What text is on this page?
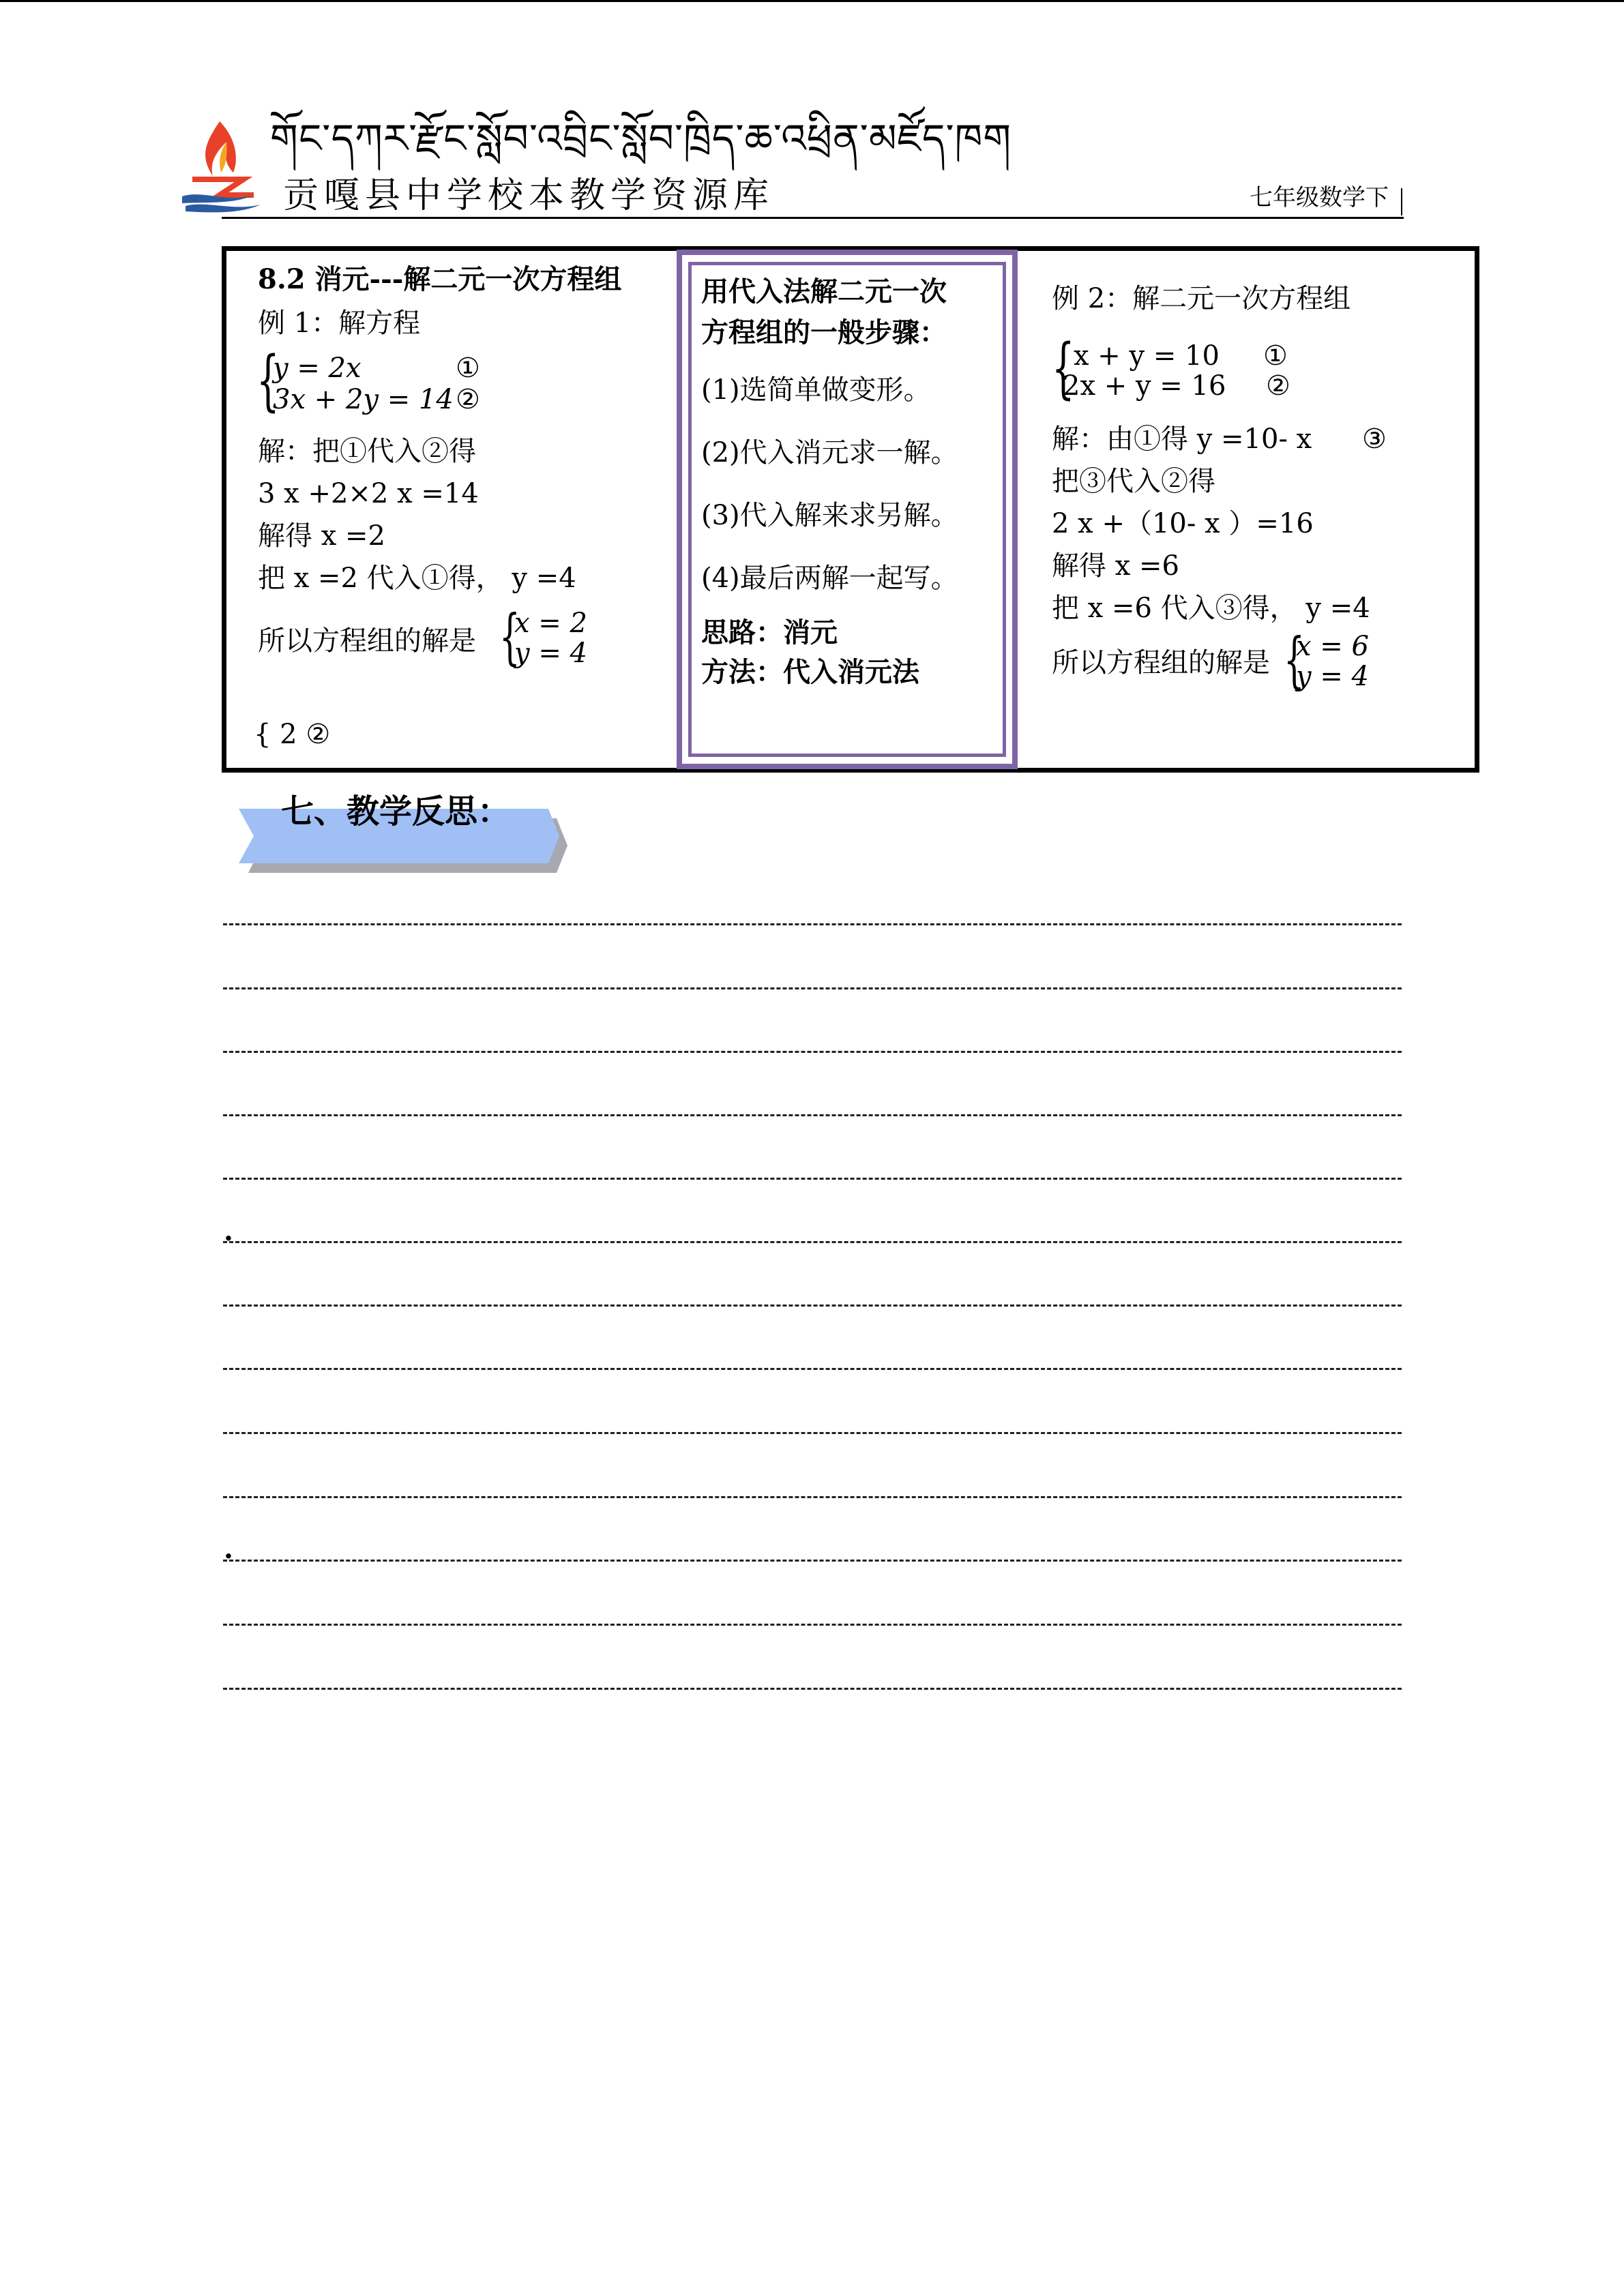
གོང་དཀར་རྫོང་སློབ་འབྲིང་སློབ་ཁྲིད་ཆ་འཕྲིན་མཛོད་ཁག
贡嘎县中学校本教学资源库	七年级数学下
8.2 消元---解二元一次方程组
例 1：解方程
{
y = 2x	①
3x + 2y = 14 ②
解：把①代入②得
3 x +2×2 x =14
解得 x =2
把 x =2 代入①得， y =4
所以方程组的解是 {
x = 2
y = 4
{ 2 ②
用代入法解二元一次
方程组的一般步骤：
(1)选简单做变形。
(2)代入消元求一解。
(3)代入解来求另解。
(4)最后两解一起写。
思路：消元
方法：代入消元法
例 2：解二元一次方程组
{
x + y = 10 ①
2x + y = 16 ②
解：由①得 y =10- x ③
把③代入②得
2 x +（10- x ）=16
解得 x =6
把 x =6 代入③得， y =4
所以方程组的解是 {
x = 6
y = 4
七、教学反思：
.
.
